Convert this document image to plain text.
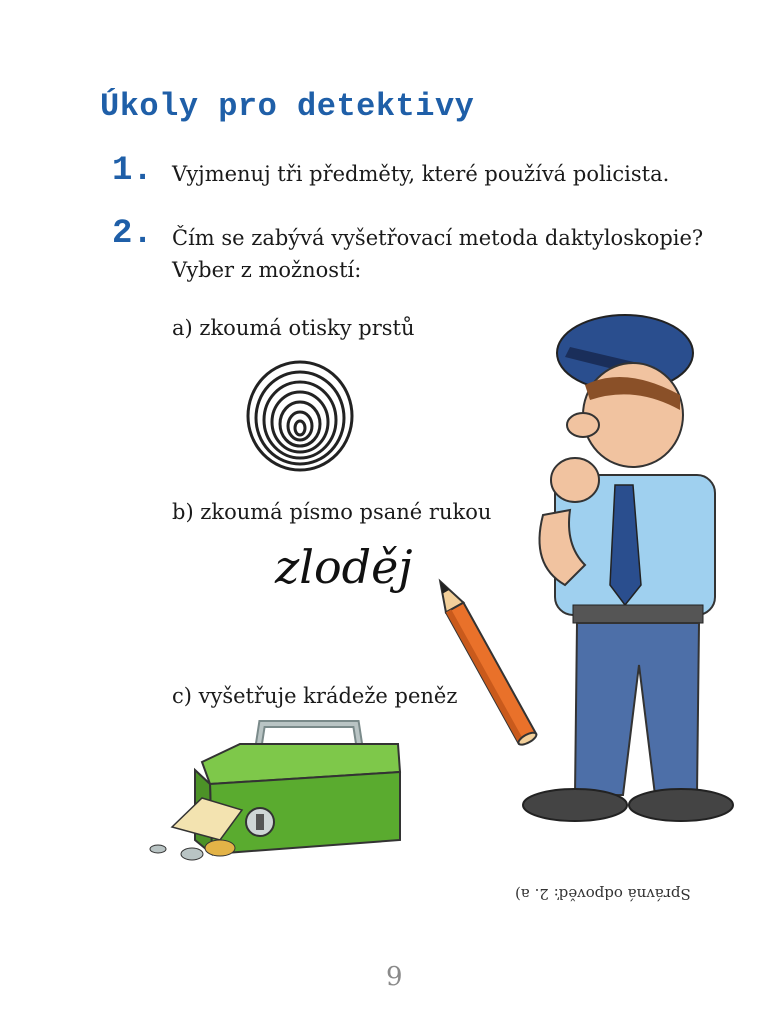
Úkoly pro detektivy
1. Vyjmenuj tři předměty, které používá policista.
2. Čím se zabývá vyšetřovací metoda daktyloskopie?
Vyber z možností:
a) zkoumá otisky prstů
b) zkoumá písmo psané rukou
c) vyšetřuje krádeže peněz
zloděj
Správná odpověď: 2. a)
9
